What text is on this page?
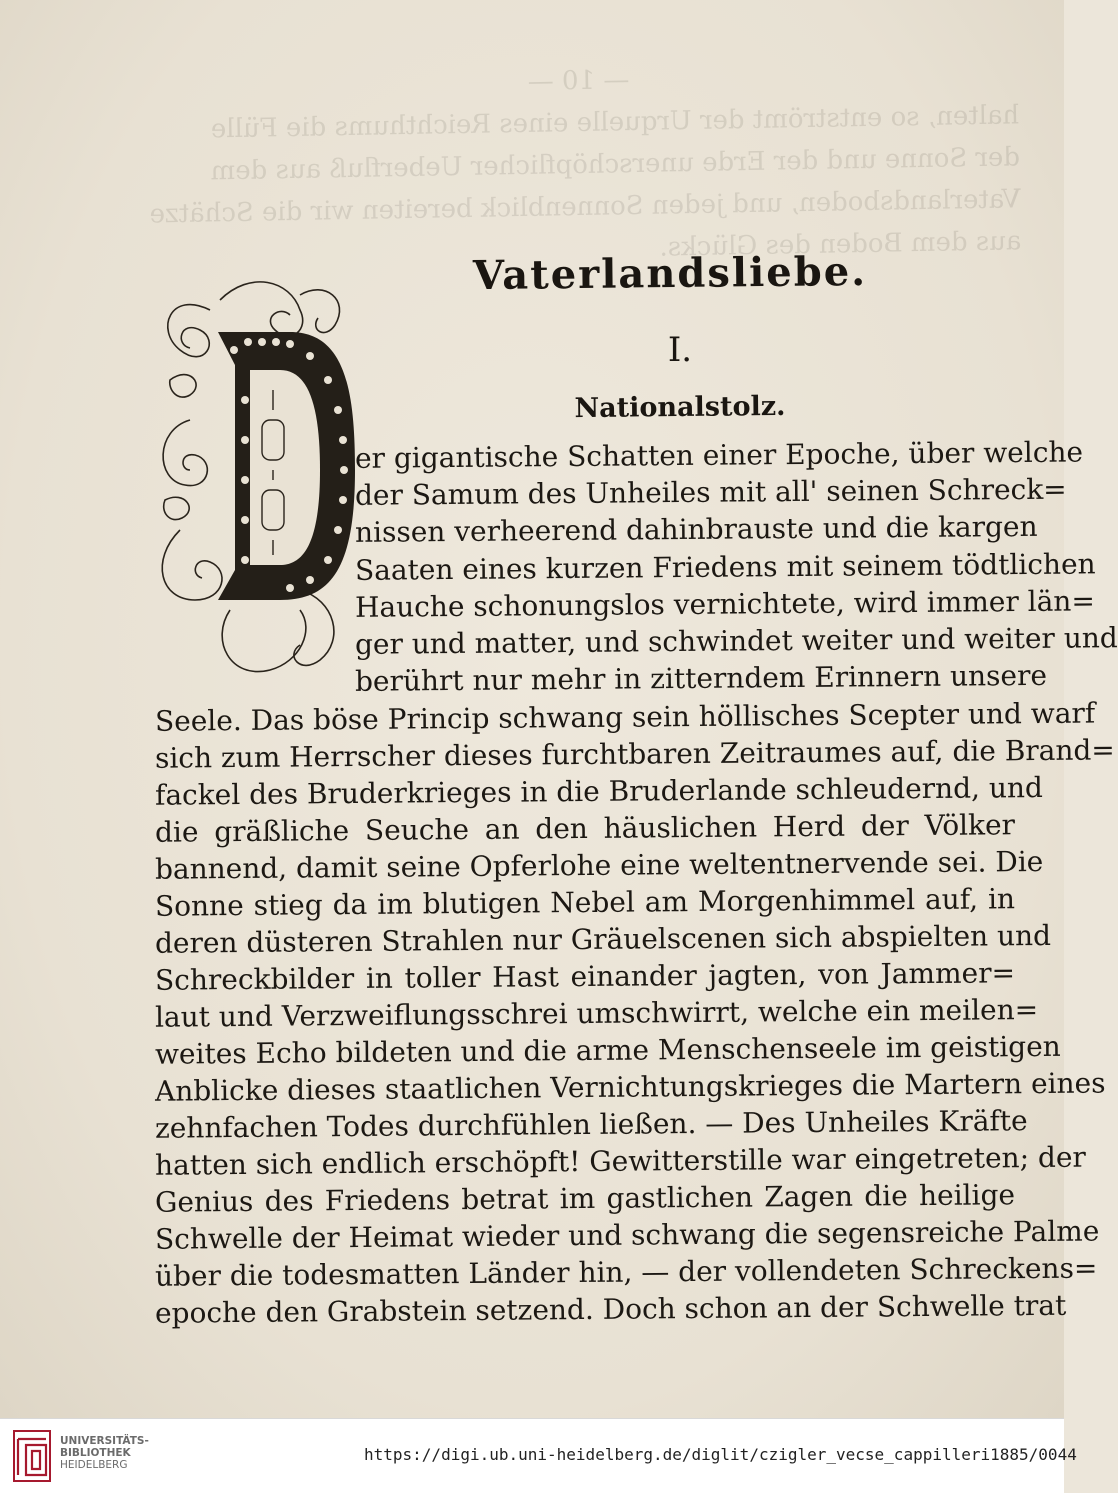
— 10 —
halten, so entströmt der Urquelle eines Reichthums die Fülle
der Sonne und der Erde unerschöpflicher Ueberfluß aus dem
Vaterlandsboden, und jeden Sonnenblick bereiten wir die Schätze
aus dem Boden des Glücks.
Vaterlandsliebe.
I.
Nationalstolz.
er gigantische Schatten einer Epoche, über welche
der Samum des Unheiles mit all' seinen Schreck=
nissen verheerend dahinbrauste und die kargen
Saaten eines kurzen Friedens mit seinem tödtlichen
Hauche schonungslos vernichtete, wird immer län=
ger und matter, und schwindet weiter und weiter und
berührt nur mehr in zitterndem Erinnern unsere
Seele. Das böse Princip schwang sein höllisches Scepter und warf
sich zum Herrscher dieses furchtbaren Zeitraumes auf, die Brand=
fackel des Bruderkrieges in die Bruderlande schleudernd, und
die gräßliche Seuche an den häuslichen Herd der Völker
bannend, damit seine Opferlohe eine weltentnervende sei. Die
Sonne stieg da im blutigen Nebel am Morgenhimmel auf, in
deren düsteren Strahlen nur Gräuelscenen sich abspielten und
Schreckbilder in toller Hast einander jagten, von Jammer=
laut und Verzweiflungsschrei umschwirrt, welche ein meilen=
weites Echo bildeten und die arme Menschenseele im geistigen
Anblicke dieses staatlichen Vernichtungskrieges die Martern eines
zehnfachen Todes durchfühlen ließen. — Des Unheiles Kräfte
hatten sich endlich erschöpft! Gewitterstille war eingetreten; der
Genius des Friedens betrat im gastlichen Zagen die heilige
Schwelle der Heimat wieder und schwang die segensreiche Palme
über die todesmatten Länder hin, — der vollendeten Schreckens=
epoche den Grabstein setzend. Doch schon an der Schwelle trat
UNIVERSITÄTS-
BIBLIOTHEK
HEIDELBERG
https://digi.ub.uni-heidelberg.de/diglit/czigler_vecse_cappilleri1885/0044
